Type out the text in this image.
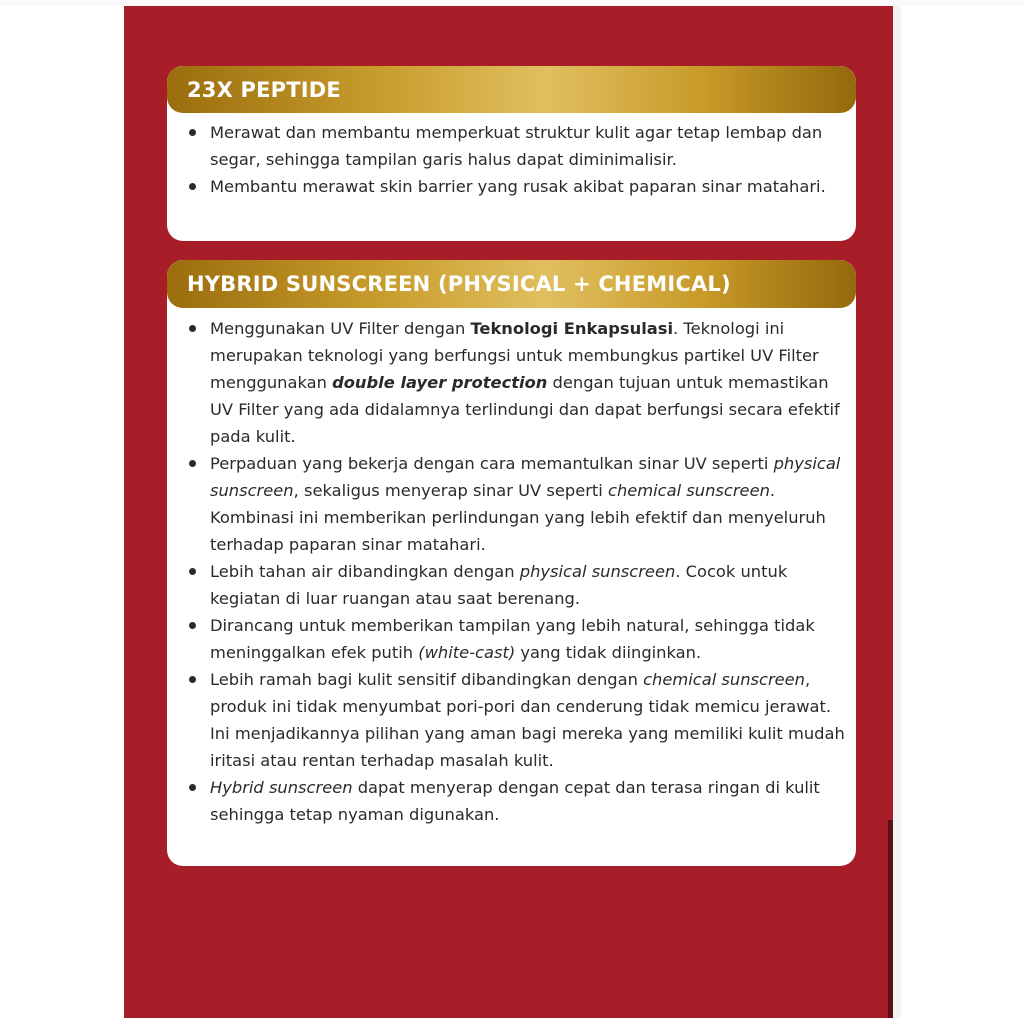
23X PEPTIDE
Merawat dan membantu memperkuat struktur kulit agar tetap lembap dan segar, sehingga tampilan garis halus dapat diminimalisir.
Membantu merawat skin barrier yang rusak akibat paparan sinar matahari.
HYBRID SUNSCREEN (PHYSICAL + CHEMICAL)
Menggunakan UV Filter dengan Teknologi Enkapsulasi. Teknologi ini merupakan teknologi yang berfungsi untuk membungkus partikel UV Filter menggunakan double layer protection dengan tujuan untuk memastikan UV Filter yang ada didalamnya terlindungi dan dapat berfungsi secara efektif pada kulit.
Perpaduan yang bekerja dengan cara memantulkan sinar UV seperti physical sunscreen, sekaligus menyerap sinar UV seperti chemical sunscreen. Kombinasi ini memberikan perlindungan yang lebih efektif dan menyeluruh terhadap paparan sinar matahari.
Lebih tahan air dibandingkan dengan physical sunscreen. Cocok untuk kegiatan di luar ruangan atau saat berenang.
Dirancang untuk memberikan tampilan yang lebih natural, sehingga tidak meninggalkan efek putih (white-cast) yang tidak diinginkan.
Lebih ramah bagi kulit sensitif dibandingkan dengan chemical sunscreen, produk ini tidak menyumbat pori-pori dan cenderung tidak memicu jerawat. Ini menjadikannya pilihan yang aman bagi mereka yang memiliki kulit mudah iritasi atau rentan terhadap masalah kulit.
Hybrid sunscreen dapat menyerap dengan cepat dan terasa ringan di kulit sehingga tetap nyaman digunakan.
